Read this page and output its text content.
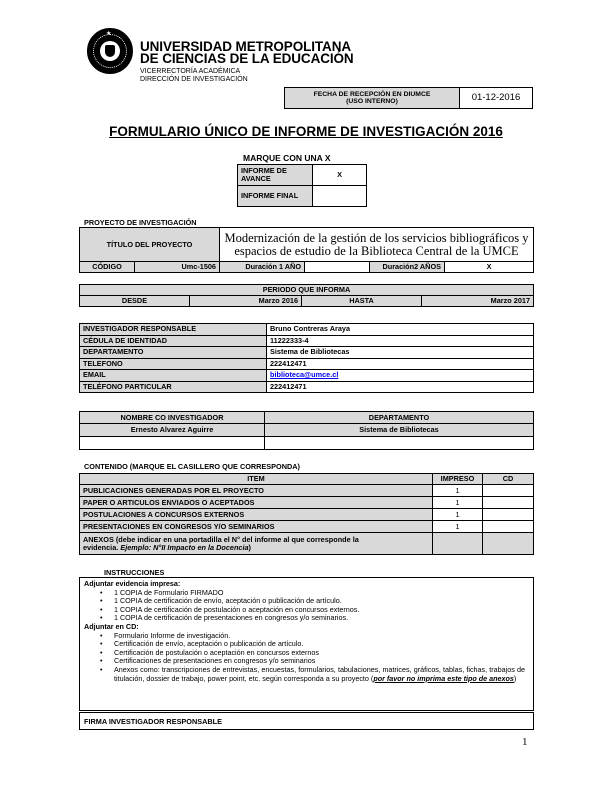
★
UNIVERSIDAD METROPOLITANA
DE CIENCIAS DE LA EDUCACIÓN
VICERRECTORÍA ACADÉMICA
DIRECCIÓN DE INVESTIGACIÓN
FECHA DE RECEPCIÓN EN DIUMCE
(USO INTERNO)	01-12-2016
FORMULARIO ÚNICO DE INFORME DE INVESTIGACIÓN 2016
MARQUE CON UNA X
INFORME DE
AVANCE	X
INFORME FINAL	
PROYECTO DE INVESTIGACIÓN
TÍTULO DEL PROYECTO		Modernización de la gestión de los servicios bibliográficos y espacios de estudio de la Biblioteca Central de la UMCE			
CÓDIGO	Umc-1506	Duración 1 AÑO		Duración2 AÑOS	X
PERIODO QUE INFORMA
DESDE	Marzo 2016	HASTA	Marzo 2017
INVESTIGADOR RESPONSABLE	Bruno Contreras Araya
CÉDULA DE IDENTIDAD	11222333-4
DEPARTAMENTO	Sistema de Bibliotecas
TELEFONO	222412471
EMAIL	biblioteca@umce.cl
TELÉFONO PARTICULAR	222412471
NOMBRE CO INVESTIGADOR	DEPARTAMENTO
Ernesto Alvarez Aguirre	Sistema de Bibliotecas

CONTENIDO (MARQUE EL CASILLERO QUE CORRESPONDA)
ITEM	IMPRESO	CD
PUBLICACIONES GENERADAS POR EL PROYECTO	1	
PAPER O ARTICULOS ENVIADOS O ACEPTADOS	1	
POSTULACIONES A CONCURSOS EXTERNOS	1	
PRESENTACIONES EN CONGRESOS Y/O SEMINARIOS	1	
ANEXOS (debe indicar en una portadilla el N° del informe al que corresponde la
evidencia. Ejemplo: N°II Impacto en la Docencia)		
INSTRUCCIONES
Adjuntar evidencia impresa:
• 1 COPIA de Formulario FIRMADO
• 1 COPIA de certificación de envío, aceptación o publicación de artículo.
• 1 COPIA de certificación de postulación o aceptación en concursos externos.
• 1 COPIA de certificación de presentaciones en congresos y/o seminarios.
Adjuntar en CD:
• Formulario Informe de investigación.
• Certificación de envío, aceptación o publicación de artículo.
• Certificación de postulación o aceptación en concursos externos
• Certificaciones de presentaciones en congresos y/o seminarios
• Anexos como: transcripciones de entrevistas, encuestas, formularios, tabulaciones, matrices, gráficos, tablas, fichas, trabajos de titulación, dossier de trabajo, power point, etc. según corresponda a su proyecto (por favor no imprima este tipo de anexos)
FIRMA INVESTIGADOR RESPONSABLE
1
